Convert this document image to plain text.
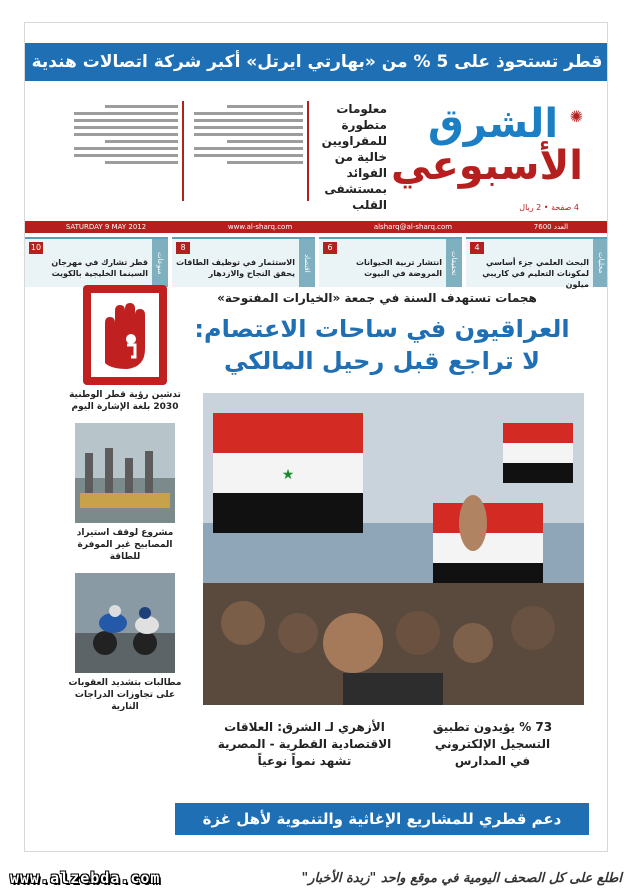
قطر تستحوذ على 5 % من «بهارتي ايرتل» أكبر شركة اتصالات هندية
✺
الشرق
الأسبوعي
4 صفحة • 2 ريال
معلومات متطورة للمقراويين خالية من الفوائد بمستشفى القلب
SATURDAY 9 MAY 2012	www.al-sharq.com	alsharq@al-sharq.com	العدد 7600
محليات
4
البحث العلمي جزء أساسي لمكونات التعليم في كاريبي ميلون
تحقيقات
6
انتشار تربية الحيوانات المروضة في البيوت
اقتصاد
8
الاستثمار في توظيف الطاقات يحقق النجاح والازدهار
منوعات
10
قطر تشارك في مهرجان السينما الخليجية بالكويت
هجمات تستهدف السنة في جمعة «الخيارات المفتوحة»
العراقيون في ساحات الاعتصام:
لا تراجع قبل رحيل المالكي
★
73 % يؤيدون تطبيق
التسجيل الإلكتروني
في المدارس
الأزهري لـ الشرق: العلاقات
الاقتصادية القطرية - المصرية
تشهد نمواً نوعياً
دعم قطري للمشاريع الإغاثية والتنموية لأهل غزة
تدشين رؤية قطر الوطنية 2030 بلغة الإشارة اليوم
مشروع لوقف استيراد المصابيح غير الموفرة للطاقة
مطالبات بتشديد العقوبات على تجاوزات الدراجات النارية
www.alzebda.com	اطلع على كل الصحف اليومية في موقع واحد "زبدة الأخبار"
